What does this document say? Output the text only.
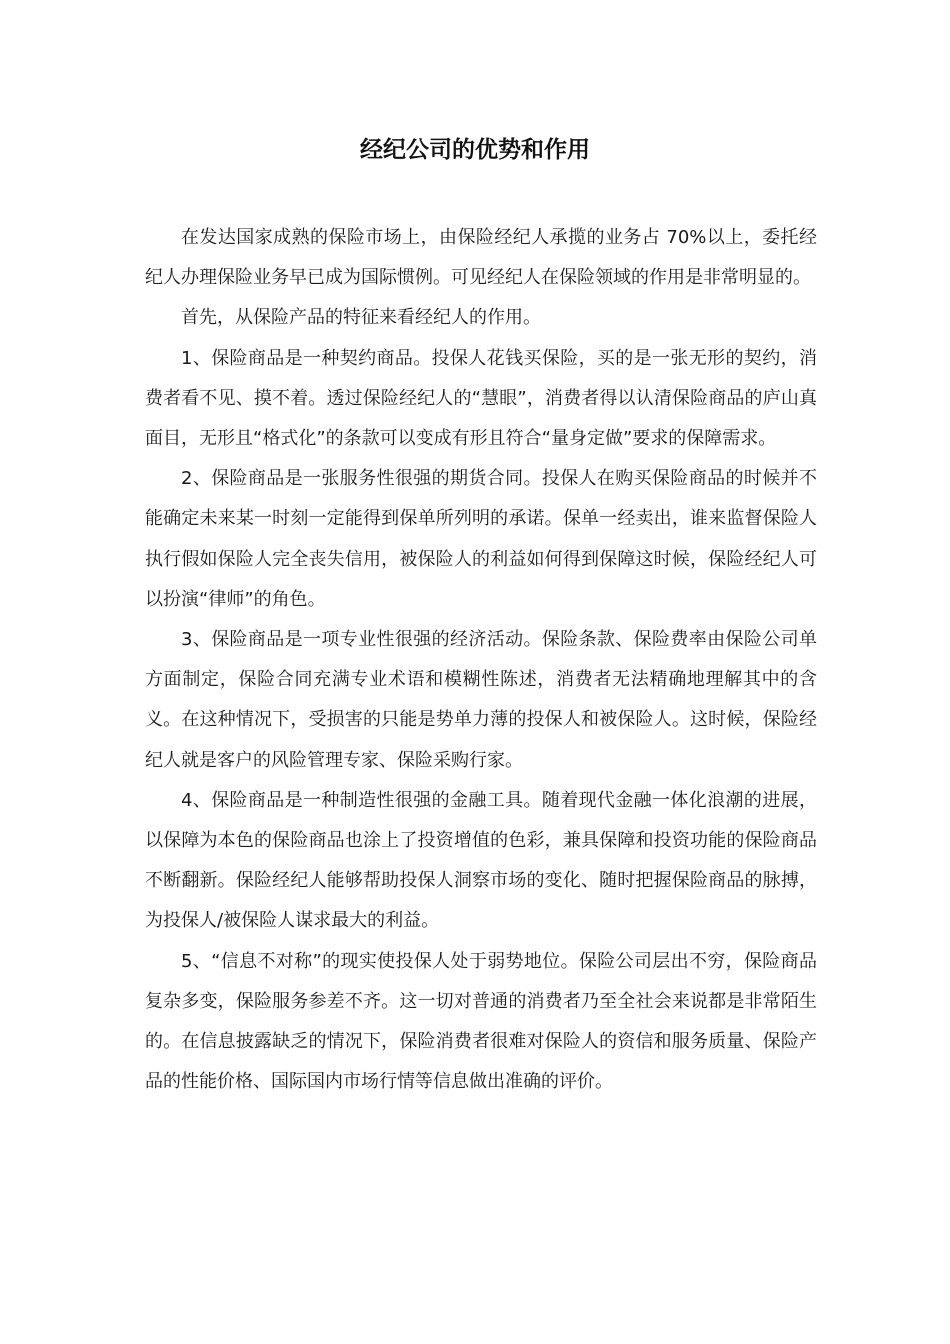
经纪公司的优势和作用

在发达国家成熟的保险市场上，由保险经纪人承揽的业务占 70%以上，委托经纪人办理保险业务早已成为国际惯例。可见经纪人在保险领域的作用是非常明显的。

首先，从保险产品的特征来看经纪人的作用。

1、保险商品是一种契约商品。投保人花钱买保险，买的是一张无形的契约，消费者看不见、摸不着。透过保险经纪人的“慧眼”，消费者得以认清保险商品的庐山真面目，无形且“格式化”的条款可以变成有形且符合“量身定做”要求的保障需求。

2、保险商品是一张服务性很强的期货合同。投保人在购买保险商品的时候并不能确定未来某一时刻一定能得到保单所列明的承诺。保单一经卖出，谁来监督保险人执行假如保险人完全丧失信用，被保险人的利益如何得到保障这时候，保险经纪人可以扮演“律师”的角色。

3、保险商品是一项专业性很强的经济活动。保险条款、保险费率由保险公司单方面制定，保险合同充满专业术语和模糊性陈述，消费者无法精确地理解其中的含义。在这种情况下，受损害的只能是势单力薄的投保人和被保险人。这时候，保险经纪人就是客户的风险管理专家、保险采购行家。

4、保险商品是一种制造性很强的金融工具。随着现代金融一体化浪潮的进展，以保障为本色的保险商品也涂上了投资增值的色彩，兼具保障和投资功能的保险商品不断翻新。保险经纪人能够帮助投保人洞察市场的变化、随时把握保险商品的脉搏，为投保人/被保险人谋求最大的利益。

5、“信息不对称”的现实使投保人处于弱势地位。保险公司层出不穷，保险商品复杂多变，保险服务参差不齐。这一切对普通的消费者乃至全社会来说都是非常陌生的。在信息披露缺乏的情况下，保险消费者很难对保险人的资信和服务质量、保险产品的性能价格、国际国内市场行情等信息做出准确的评价。
